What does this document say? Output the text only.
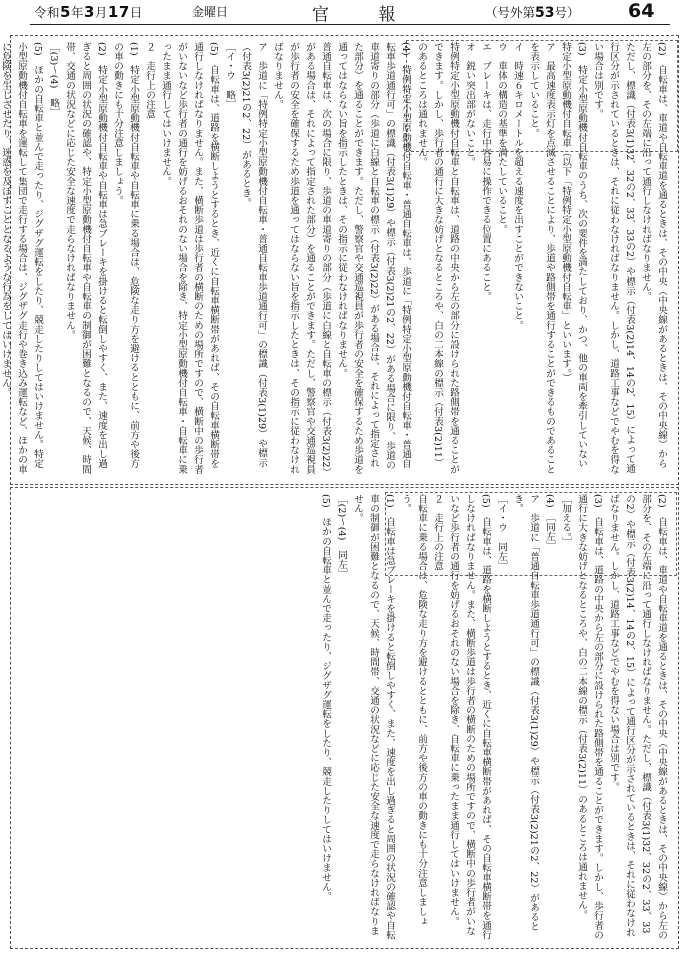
令和5年3月17日	金曜日	官 報	（号外第53号）	64

(2)　自転車は、車道や自転車道を通るときは、その中央（中央線があるときは、その中央線）から左の部分を、その左端に沿って通行しなければなりません。

ただし、標識（付表3(1)32、32の2、33、33の2）や標示（付表3(2)14、14の2、15）によって通行区分が示されているときは、それに従わなければなりません。しかし、道路工事などでやむを得ない場合は別です。

(3)　特定小型原動機付自転車のうち、次の要件を満たしており、かつ、他の車両を牽引していない特定小型原動機付自転車（以下「特例特定小型原動機付自転車」といいます。）

ア　最高速度表示灯を点滅させることにより、歩道や路側帯を通行することができるものであることを表示していること。

イ　時速６キロメートルを超える速度を出すことができないこと。

ウ　車体の構造の基準を満たしていること。

エ　ブレーキは、走行中容易に操作できる位置にあること。

オ　鋭い突出部がないこと。

特例特定小型原動機付自転車と自転車は、道路の中央から左の部分に設けられた路側帯を通ることができます。しかし、歩行者の通行に大きな妨げとなるところや、白の二本線の標示（付表3(2)11）のあるところは通れません。

(4)　特例特定小型原動機付自転車・普通自転車は、歩道に「特例特定小型原動機付自転車・普通自転車歩道通行可」の標識（付表3(1)29）や標示（付表3(2)21の2、22）がある場合に限り、歩道の車道寄りの部分（歩道に白線と自転車の標示（付表3(2)22）がある場合は、それによって指定された部分）を通ることができます。ただし、警察官や交通巡視員が歩行者の安全を確保するため歩道を通ってはならない旨を指示したときは、その指示に従わなければなりません。

普通自転車は、次の場合に限り、歩道の車道寄りの部分（歩道に白線と自転車の標示（付表3(2)22）がある場合は、それによって指定された部分）を通ることができます。ただし、警察官や交通巡視員が歩行者の安全を確保するため歩道を通ってはならない旨を指示したときは、その指示に従わなければなりません。

ア　歩道に「特例特定小型原動機付自転車・普通自転車歩道通行可」の標識（付表3(1)29）や標示（付表3(2)21の2、22）があるとき。

［イ・ウ　略］

(5)　自転車は、道路を横断しようとするとき、近くに自転車横断帯があれば、その自転車横断帯を通行しなければなりません。また、横断歩道は歩行者の横断のための場所ですので、横断中の歩行者がいないなど歩行者の通行を妨げるおそれのない場合を除き、特定小型原動機付自転車・自転車に乗ったまま通行してはいけません。

２　走行上の注意

(1)　特定小型原動機付自転車や自転車に乗る場合は、危険な走り方を避けるとともに、前方や後方の車の動きにも十分注意しましょう。

(2)　特定小型原動機付自転車や自転車は急ブレーキを掛けると転倒しやすく、また、速度を出し過ぎると周囲の状況の確認や、特定小型原動機付自転車や自転車の制御が困難となるので、天候、時間帯、交通の状況などに応じた安全な速度で走らなければなりません。

［(3)～(4)　略］

(5)　ほかの自転車と並んで走ったり、ジグザグ運転をしたり、競走したりしてはいけません。特定小型原動機付自転車を運転して集団で走行する場合は、ジグザグ走行や巻き込み運転など、ほかの車に危険を生じさせたり、迷惑を及ぼすこととなるような行為をしてはいけません。

(2)　自転車は、車道や自転車道を通るときは、その中央（中央線があるときは、その中央線）から左の部分を、その左端に沿って通行しなければなりません。ただし、標識（付表3(1)32、32の2、33、33の2）や標示（付表3(2)14、14の2、15）によって通行区分が示されているときは、それに従わなければなりません。しかし、道路工事などでやむを得ない場合は別です。

(3)　自転車は、道路の中央から左の部分に設けられた路側帯を通ることができます。しかし、歩行者の通行に大きな妨げとなるところや、白の二本線の標示（付表3(2)11）のあるところは通れません。

［加える。］

(4)　［同左］

ア　歩道に「普通自転車歩道通行可」の標識（付表3(1)29）や標示（付表3(2)21の2、22）があるとき。

［イ・ウ　同左］

(5)　自転車は、道路を横断しようとするとき、近くに自転車横断帯があれば、その自転車横断帯を通行しなければなりません。また、横断歩道は歩行者の横断のための場所ですので、横断中の歩行者がいないなど歩行者の通行を妨げるおそれのない場合を除き、自転車に乗ったまま通行してはいけません。

２　走行上の注意

自転車に乗る場合は、危険な走り方を避けるとともに、前方や後方の車の動きにも十分注意しましょう。

(1)　自転車は急ブレーキを掛けると転倒しやすく、また、速度を出し過ぎると周囲の状況の確認や自転車の制御が困難となるので、天候、時間帯、交通の状況などに応じた安全な速度で走らなければなりません。

［(2)～(4)　同左］

(5)　ほかの自転車と並んで走ったり、ジグザグ運転をしたり、競走したりしてはいけません。
